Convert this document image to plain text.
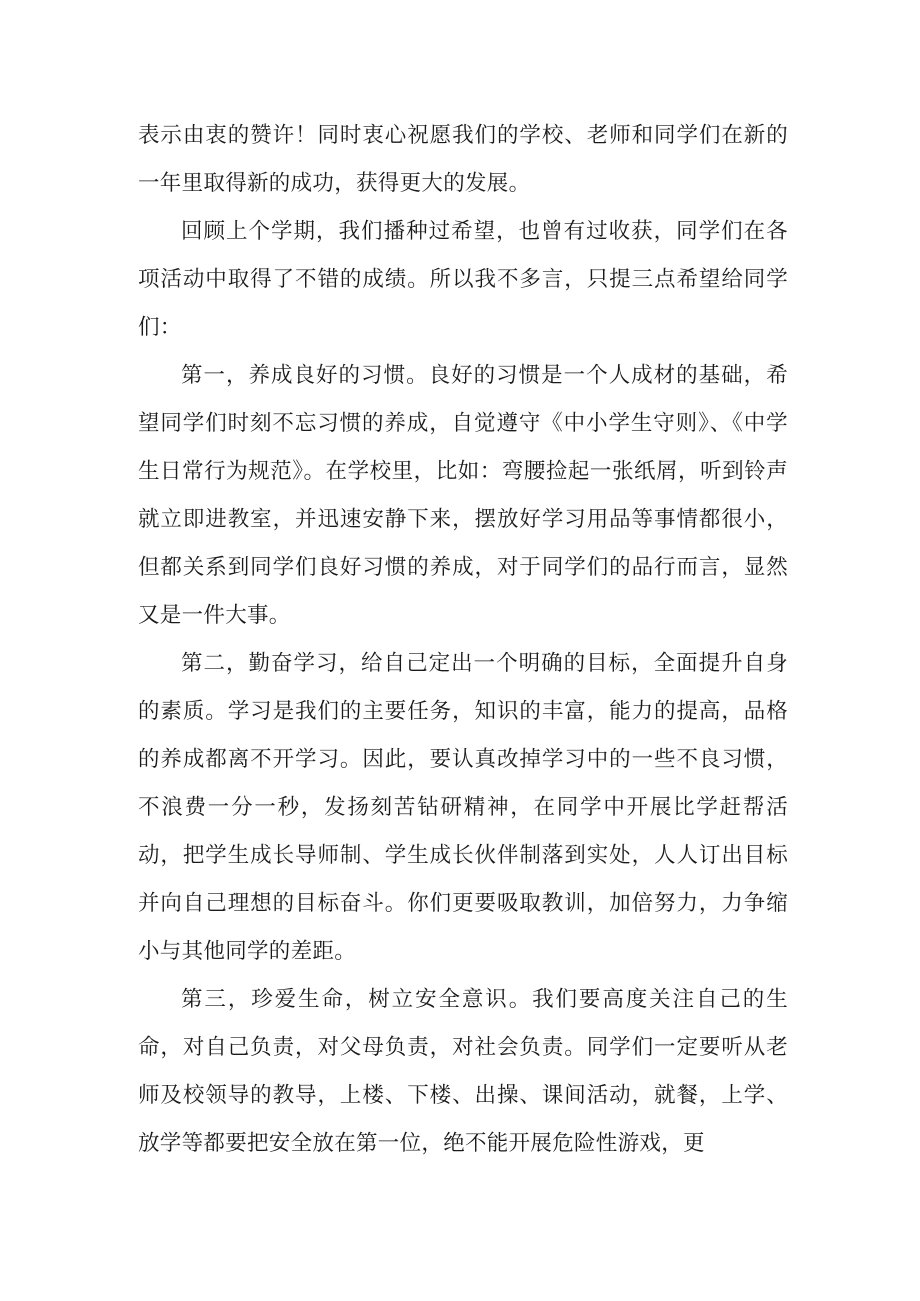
表示由衷的赞许！同时衷心祝愿我们的学校、老师和同学们在新的一年里取得新的成功，获得更大的发展。

回顾上个学期，我们播种过希望，也曾有过收获，同学们在各项活动中取得了不错的成绩。所以我不多言，只提三点希望给同学们：

第一，养成良好的习惯。良好的习惯是一个人成材的基础，希望同学们时刻不忘习惯的养成，自觉遵守《中小学生守则》、《中学生日常行为规范》。在学校里，比如：弯腰捡起一张纸屑，听到铃声就立即进教室，并迅速安静下来，摆放好学习用品等事情都很小，但都关系到同学们良好习惯的养成，对于同学们的品行而言，显然又是一件大事。

第二，勤奋学习，给自己定出一个明确的目标，全面提升自身的素质。学习是我们的主要任务，知识的丰富，能力的提高，品格的养成都离不开学习。因此，要认真改掉学习中的一些不良习惯，不浪费一分一秒，发扬刻苦钻研精神，在同学中开展比学赶帮活动，把学生成长导师制、学生成长伙伴制落到实处，人人订出目标并向自己理想的目标奋斗。你们更要吸取教训，加倍努力，力争缩小与其他同学的差距。

第三，珍爱生命，树立安全意识。我们要高度关注自己的生命，对自己负责，对父母负责，对社会负责。同学们一定要听从老师及校领导的教导，上楼、下楼、出操、课间活动，就餐，上学、放学等都要把安全放在第一位，绝不能开展危险性游戏，更
